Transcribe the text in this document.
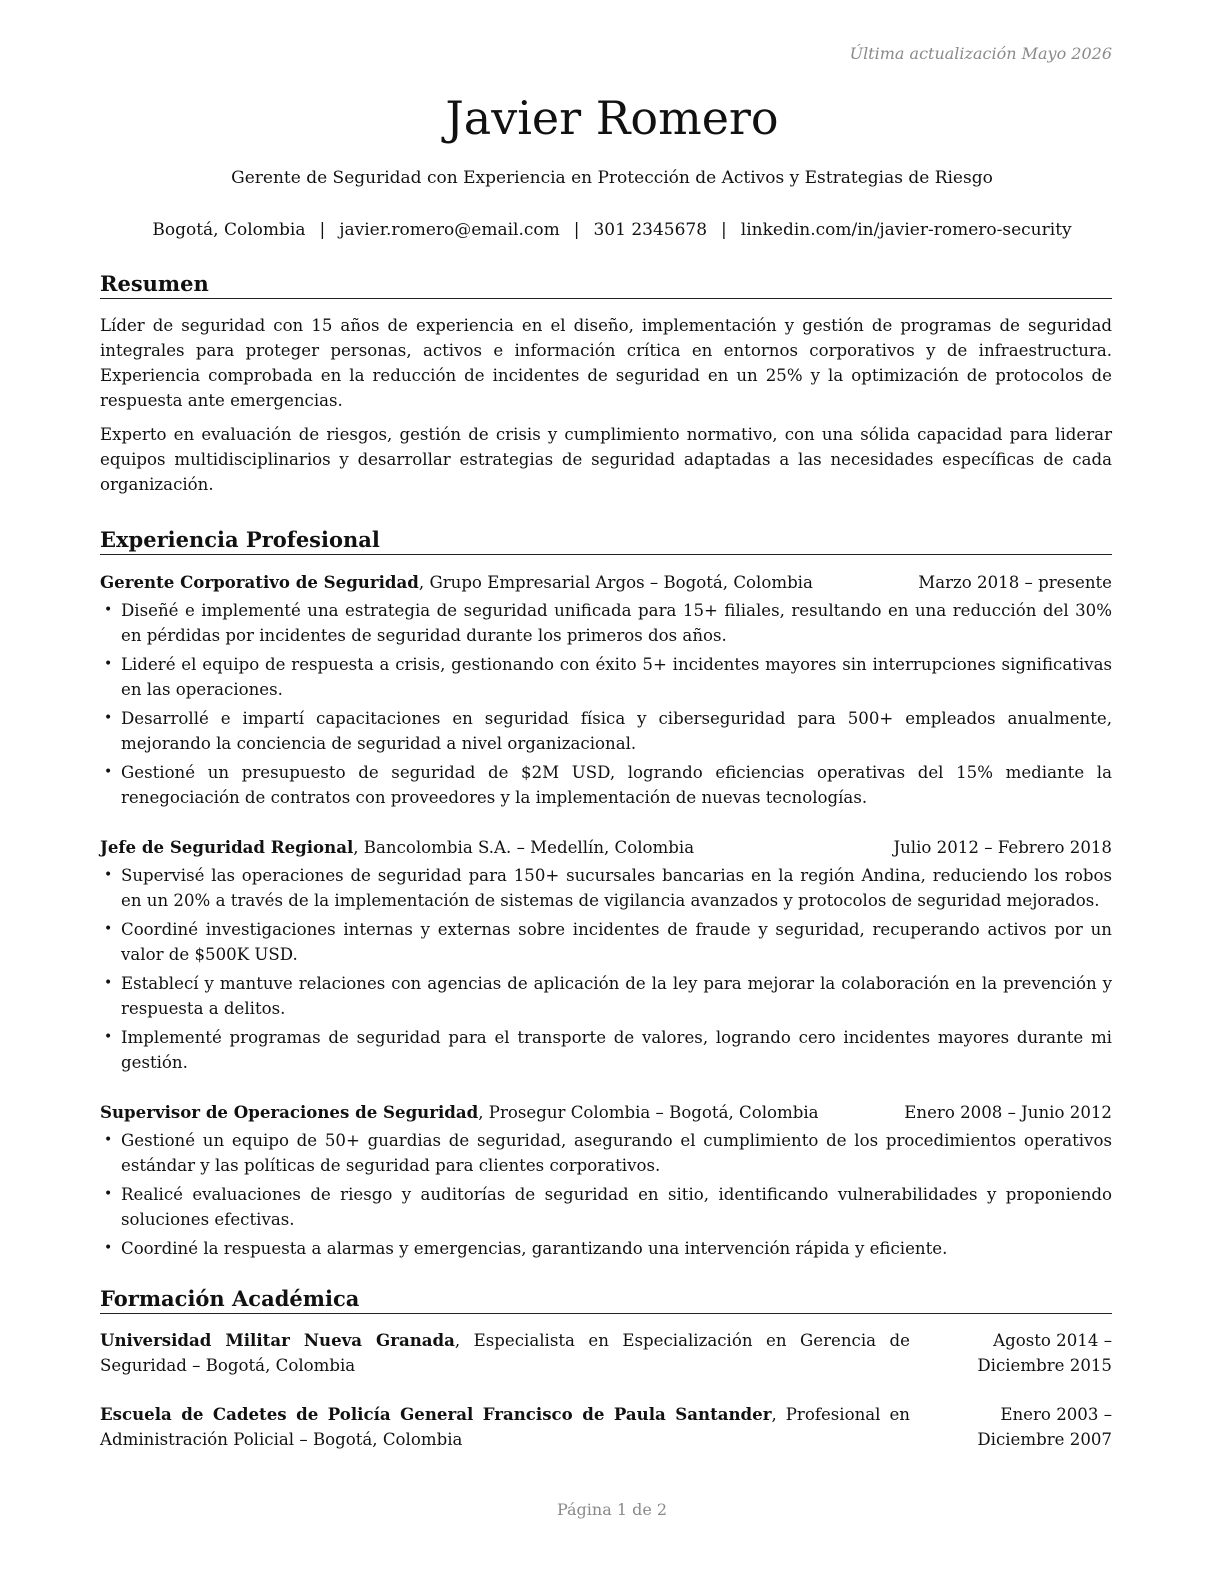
Última actualización Mayo 2026
Javier Romero
Gerente de Seguridad con Experiencia en Protección de Activos y Estrategias de Riesgo
Bogotá, Colombia | javier.romero@email.com | 301 2345678 | linkedin.com/in/javier-romero-security
Resumen

Líder de seguridad con 15 años de experiencia en el diseño, implementación y gestión de programas de seguridad integrales para proteger personas, activos e información crítica en entornos corporativos y de infraestructura. Experiencia comprobada en la reducción de incidentes de seguridad en un 25% y la optimización de protocolos de respuesta ante emergencias.

Experto en evaluación de riesgos, gestión de crisis y cumplimiento normativo, con una sólida capacidad para liderar equipos multidisciplinarios y desarrollar estrategias de seguridad adaptadas a las necesidades específicas de cada organización.

Experiencia Profesional
Gerente Corporativo de Seguridad, Grupo Empresarial Argos – Bogotá, Colombia	Marzo 2018 – presente
• Diseñé e implementé una estrategia de seguridad unificada para 15+ filiales, resultando en una reducción del 30% en pérdidas por incidentes de seguridad durante los primeros dos años.
• Lideré el equipo de respuesta a crisis, gestionando con éxito 5+ incidentes mayores sin interrupciones significativas en las operaciones.
• Desarrollé e impartí capacitaciones en seguridad física y ciberseguridad para 500+ empleados anualmente, mejorando la conciencia de seguridad a nivel organizacional.
• Gestioné un presupuesto de seguridad de $2M USD, logrando eficiencias operativas del 15% mediante la renegociación de contratos con proveedores y la implementación de nuevas tecnologías.
Jefe de Seguridad Regional, Bancolombia S.A. – Medellín, Colombia	Julio 2012 – Febrero 2018
• Supervisé las operaciones de seguridad para 150+ sucursales bancarias en la región Andina, reduciendo los robos en un 20% a través de la implementación de sistemas de vigilancia avanzados y protocolos de seguridad mejorados.
• Coordiné investigaciones internas y externas sobre incidentes de fraude y seguridad, recuperando activos por un valor de $500K USD.
• Establecí y mantuve relaciones con agencias de aplicación de la ley para mejorar la colaboración en la prevención y respuesta a delitos.
• Implementé programas de seguridad para el transporte de valores, logrando cero incidentes mayores durante mi gestión.
Supervisor de Operaciones de Seguridad, Prosegur Colombia – Bogotá, Colombia	Enero 2008 – Junio 2012
• Gestioné un equipo de 50+ guardias de seguridad, asegurando el cumplimiento de los procedimientos operativos estándar y las políticas de seguridad para clientes corporativos.
• Realicé evaluaciones de riesgo y auditorías de seguridad en sitio, identificando vulnerabilidades y proponiendo soluciones efectivas.
• Coordiné la respuesta a alarmas y emergencias, garantizando una intervención rápida y eficiente.
Formación Académica
Universidad Militar Nueva Granada, Especialista en Especialización en Gerencia de Seguridad – Bogotá, Colombia
Agosto 2014 – Diciembre 2015
Escuela de Cadetes de Policía General Francisco de Paula Santander, Profesional en Administración Policial – Bogotá, Colombia
Enero 2003 – Diciembre 2007
Página 1 de 2
